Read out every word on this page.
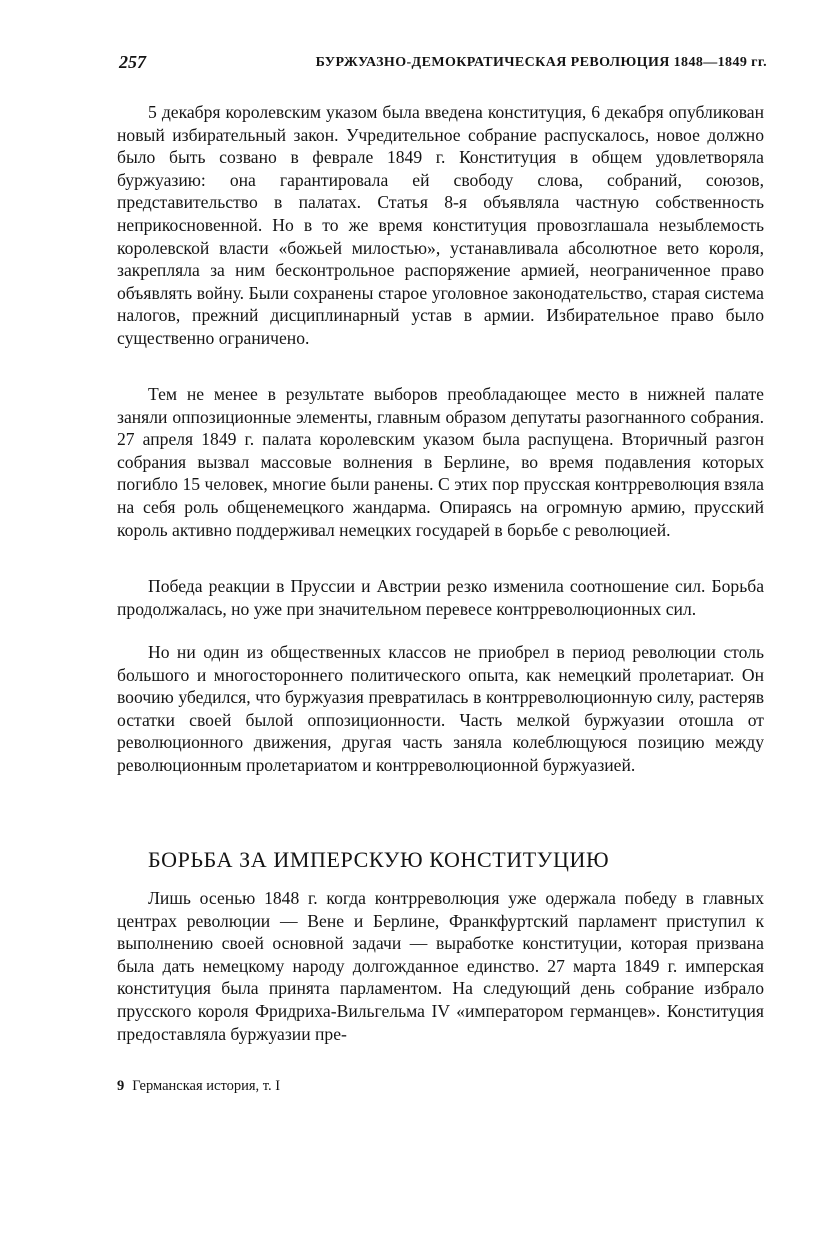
257	БУРЖУАЗНО-ДЕМОКРАТИЧЕСКАЯ РЕВОЛЮЦИЯ 1848—1849 гг.

5 декабря королевским указом была введена конституция, 6 декабря опубликован новый избирательный закон. Учредительное собрание распускалось, новое должно было быть созвано в феврале 1849 г. Конституция в общем удовлетворяла буржуазию: она гарантировала ей свободу слова, собраний, союзов, представительство в палатах. Статья 8-я объявляла частную собственность неприкосновенной. Но в то же время конституция провозглашала незыблемость королевской власти «божьей милостью», устанавливала абсолютное вето короля, закрепляла за ним бесконтрольное распоряжение армией, неограниченное право объявлять войну. Были сохранены старое уголовное законодательство, старая система налогов, прежний дисциплинарный устав в армии. Избирательное право было существенно ограничено.

Тем не менее в результате выборов преобладающее место в нижней палате заняли оппозиционные элементы, главным образом депутаты разогнанного собрания. 27 апреля 1849 г. палата королевским указом была распущена. Вторичный разгон собрания вызвал массовые волнения в Берлине, во время подавления которых погибло 15 человек, многие были ранены. С этих пор прусская контрреволюция взяла на себя роль общенемецкого жандарма. Опираясь на огромную армию, прусский король активно поддерживал немецких государей в борьбе с революцией.

Победа реакции в Пруссии и Австрии резко изменила соотношение сил. Борьба продолжалась, но уже при значительном перевесе контрреволюционных сил.

Но ни один из общественных классов не приобрел в период революции столь большого и многостороннего политического опыта, как немецкий пролетариат. Он воочию убедился, что буржуазия превратилась в контрреволюционную силу, растеряв остатки своей былой оппозиционности. Часть мелкой буржуазии отошла от революционного движения, другая часть заняла колеблющуюся позицию между революционным пролетариатом и контрреволюционной буржуазией.

БОРЬБА ЗА ИМПЕРСКУЮ КОНСТИТУЦИЮ

Лишь осенью 1848 г. когда контрреволюция уже одержала победу в главных центрах революции — Вене и Берлине, Франкфуртский парламент приступил к выполнению своей основной задачи — выработке конституции, которая призвана была дать немецкому народу долгожданное единство. 27 марта 1849 г. имперская конституция была принята парламентом. На следующий день собрание избрало прусского короля Фридриха-Вильгельма IV «императором германцев». Конституция предоставляла буржуазии пре-

9 Германская история, т. I
